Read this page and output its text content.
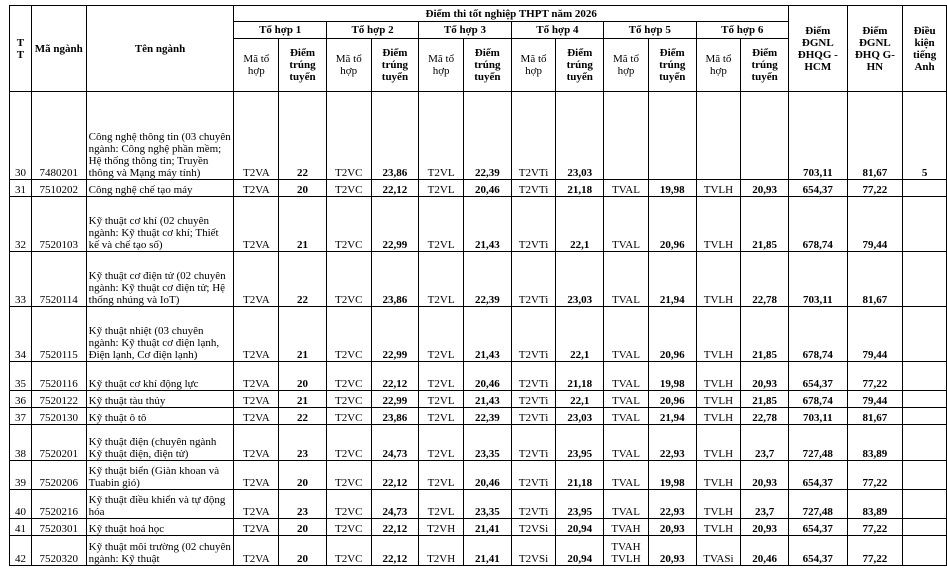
T T	Mã ngành	Tên ngành	Điểm thi tốt nghiệp THPT năm 2026												Điểm ĐGNL ĐHQG -HCM	Điểm ĐGNL ĐHQ G-HN	Điều kiện tiếng Anh
			Tổ hợp 1		Tổ hợp 2		Tổ hợp 3		Tổ hợp 4		Tổ hợp 5		Tổ hợp 6				
			Mã tổ hợp	Điểm trúng tuyển	Mã tổ hợp	Điểm trúng tuyển	Mã tổ hợp	Điểm trúng tuyển	Mã tổ hợp	Điểm trúng tuyển	Mã tổ hợp	Điểm trúng tuyển	Mã tổ hợp	Điểm trúng tuyển			
30	7480201	Công nghệ thông tin (03 chuyên ngành: Công nghệ phần mềm; Hệ thống thông tin; Truyền thông và Mạng máy tính)	T2VA	22	T2VC	23,86	T2VL	22,39	T2VTi	23,03					703,11	81,67	5
31	7510202	Công nghệ chế tạo máy	T2VA	20	T2VC	22,12	T2VL	20,46	T2VTi	21,18	TVAL	19,98	TVLH	20,93	654,37	77,22	
32	7520103	Kỹ thuật cơ khí (02 chuyên ngành: Kỹ thuật cơ khí; Thiết kế và chế tạo số)	T2VA	21	T2VC	22,99	T2VL	21,43	T2VTi	22,1	TVAL	20,96	TVLH	21,85	678,74	79,44	
33	7520114	Kỹ thuật cơ điện tử (02 chuyên ngành: Kỹ thuật cơ điện tử; Hệ thống nhúng và IoT)	T2VA	22	T2VC	23,86	T2VL	22,39	T2VTi	23,03	TVAL	21,94	TVLH	22,78	703,11	81,67	
34	7520115	Kỹ thuật nhiệt (03 chuyên ngành: Kỹ thuật cơ điện lạnh, Điện lạnh, Cơ điện lạnh)	T2VA	21	T2VC	22,99	T2VL	21,43	T2VTi	22,1	TVAL	20,96	TVLH	21,85	678,74	79,44	
35	7520116	Kỹ thuật cơ khí động lực	T2VA	20	T2VC	22,12	T2VL	20,46	T2VTi	21,18	TVAL	19,98	TVLH	20,93	654,37	77,22	
36	7520122	Kỹ thuật tàu thủy	T2VA	21	T2VC	22,99	T2VL	21,43	T2VTi	22,1	TVAL	20,96	TVLH	21,85	678,74	79,44	
37	7520130	Kỹ thuật ô tô	T2VA	22	T2VC	23,86	T2VL	22,39	T2VTi	23,03	TVAL	21,94	TVLH	22,78	703,11	81,67	
38	7520201	Kỹ thuật điện (chuyên ngành Kỹ thuật điện, điện tử)	T2VA	23	T2VC	24,73	T2VL	23,35	T2VTi	23,95	TVAL	22,93	TVLH	23,7	727,48	83,89	
39	7520206	Kỹ thuật biển (Giàn khoan và Tuabin gió)	T2VA	20	T2VC	22,12	T2VL	20,46	T2VTi	21,18	TVAL	19,98	TVLH	20,93	654,37	77,22	
40	7520216	Kỹ thuật điều khiển và tự động hóa	T2VA	23	T2VC	24,73	T2VL	23,35	T2VTi	23,95	TVAL	22,93	TVLH	23,7	727,48	83,89	
41	7520301	Kỹ thuật hoá học	T2VA	20	T2VC	22,12	T2VH	21,41	T2VSi	20,94	TVAH	20,93	TVLH	20,93	654,37	77,22	
42	7520320	Kỹ thuật môi trường (02 chuyên ngành: Kỹ thuật	T2VA	20	T2VC	22,12	T2VH	21,41	T2VSi	20,94	TVAH TVLH	20,93	TVASi	20,46	654,37	77,22	
